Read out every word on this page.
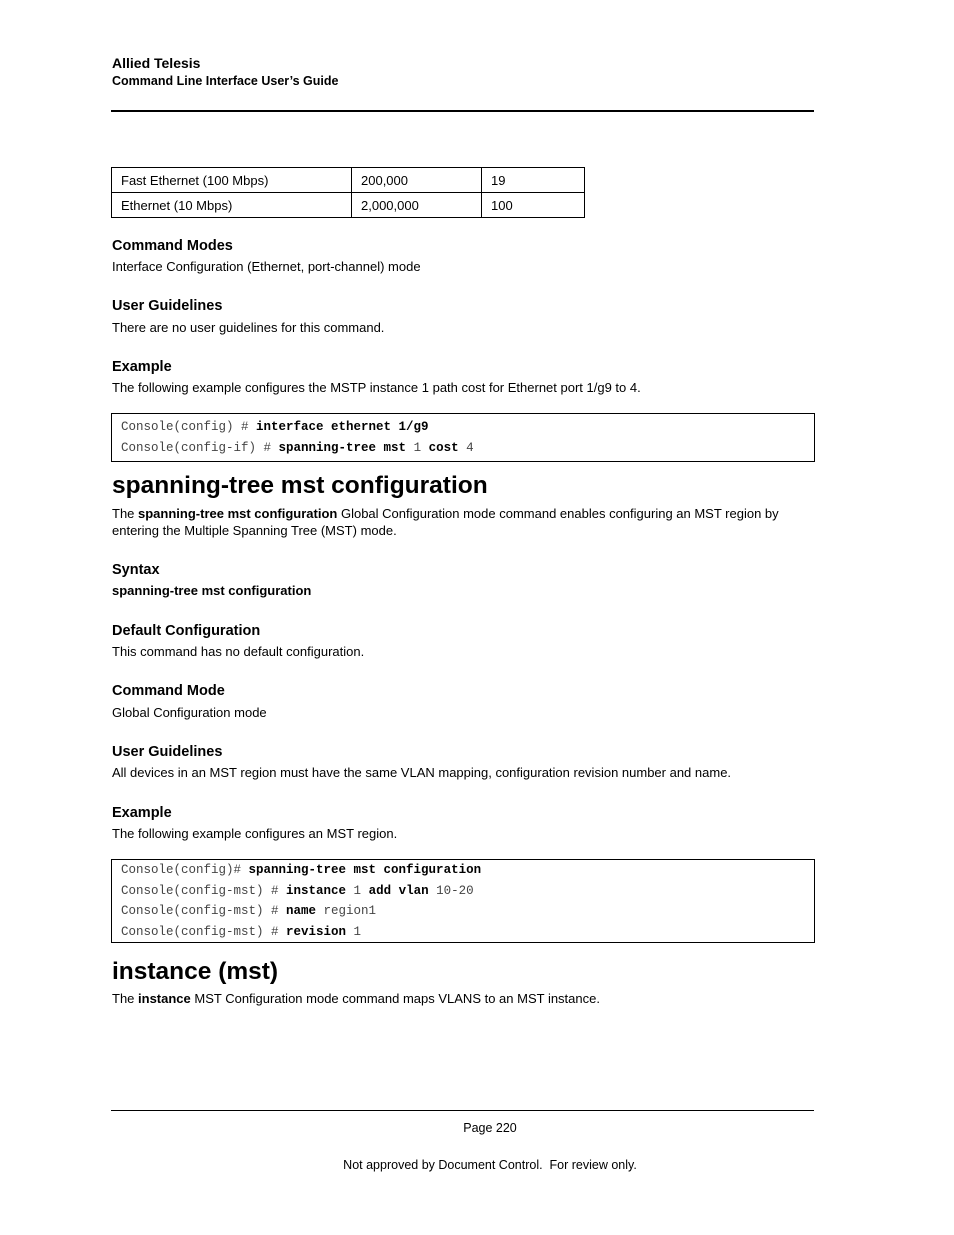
Allied Telesis
Command Line Interface User’s Guide
Fast Ethernet (100 Mbps)	200,000	19
Ethernet (10 Mbps)	2,000,000	100
Command Modes
Interface Configuration (Ethernet, port-channel) mode
User Guidelines
There are no user guidelines for this command.
Example
The following example configures the MSTP instance 1 path cost for Ethernet port 1/g9 to 4.
Console(config) # interface ethernet 1/g9
Console(config-if) # spanning-tree mst 1 cost 4
spanning-tree mst configuration
The spanning-tree mst configuration Global Configuration mode command enables configuring an MST region by entering the Multiple Spanning Tree (MST) mode.
Syntax
spanning-tree mst configuration
Default Configuration
This command has no default configuration.
Command Mode
Global Configuration mode
User Guidelines
All devices in an MST region must have the same VLAN mapping, configuration revision number and name.
Example
The following example configures an MST region.
Console(config)# spanning-tree mst configuration
Console(config-mst) # instance 1 add vlan 10-20
Console(config-mst) # name region1
Console(config-mst) # revision 1
instance (mst)
The instance MST Configuration mode command maps VLANS to an MST instance.
Page 220
Not approved by Document Control.  For review only.
